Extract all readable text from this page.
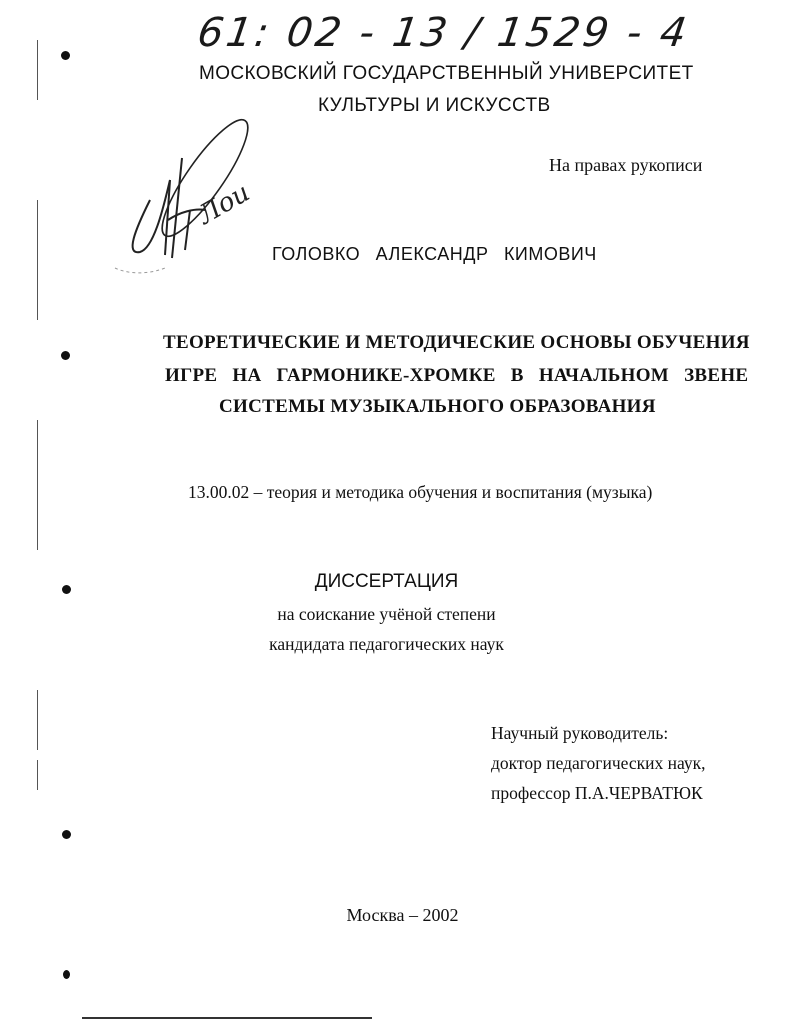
61: 02 - 13 / 1529 - 4

МОСКОВСКИЙ ГОСУДАРСТВЕННЫЙ УНИВЕРСИТЕТ

КУЛЬТУРЫ И ИСКУССТВ

Лоu

На правах рукописи

ГОЛОВКО АЛЕКСАНДР КИМОВИЧ

ТЕОРЕТИЧЕСКИЕ И МЕТОДИЧЕСКИЕ ОСНОВЫ ОБУЧЕНИЯ

ИГРЕ НА ГАРМОНИКЕ-ХРОМКЕ В НАЧАЛЬНОМ ЗВЕНЕ

СИСТЕМЫ МУЗЫКАЛЬНОГО ОБРАЗОВАНИЯ

13.00.02 – теория и методика обучения и воспитания (музыка)

ДИССЕРТАЦИЯ

на соискание учёной степени

кандидата педагогических наук

Научный руководитель:

доктор педагогических наук,

профессор П.А.ЧЕРВАТЮК

Москва – 2002
